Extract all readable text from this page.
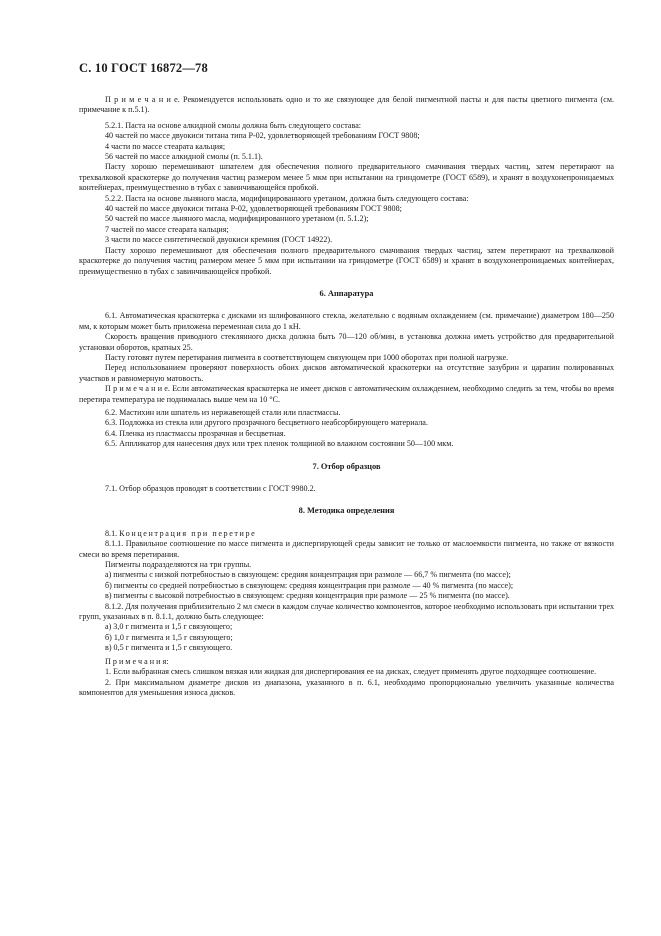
С. 10 ГОСТ 16872—78

П р и м е ч а н и е. Рекомендуется использовать одно и то же связующее для белой пигментной пасты и для пасты цветного пигмента (см. примечание к п.5.1).

5.2.1. Паста на основе алкидной смолы должна быть следующего состава:

40 частей по массе двуокиси титана типа Р-02, удовлетворяющей требованиям ГОСТ 9808;

4 части по массе стеарата кальция;

56 частей по массе алкидной смолы (п. 5.1.1).

Пасту хорошо перемешивают шпателем для обеспечения полного предварительного смачивания твердых частиц, затем перетирают на трехвалковой краскотерке до получения частиц размером менее 5 мкм при испытании на гриндометре (ГОСТ 6589), и хранят в воздухонепроницаемых контейнерах, преимущественно в тубах с завинчивающейся пробкой.

5.2.2. Паста на основе льняного масла, модифицированного уретаном, должна быть следующего состава:

40 частей по массе двуокиси титана Р-02, удовлетворяющей требованиям ГОСТ 9808;

50 частей по массе льняного масла, модифицированного уретаном (п. 5.1.2);

7 частей по массе стеарата кальция;

3 части по массе синтетической двуокиси кремния (ГОСТ 14922).

Пасту хорошо перемешивают для обеспечения полного предварительного смачивания твердых частиц, затем перетирают на трехвалковой краскотерке до получения частиц размером менее 5 мкм при испытании на гриндометре (ГОСТ 6589) и хранят в воздухонепроницаемых контейнерах, преимущественно в тубах с завинчивающейся пробкой.

6. Аппаратура

6.1. Автоматическая краскотерка с дисками из шлифованного стекла, желательно с водяным охлаждением (см. примечание) диаметром 180—250 мм, к которым может быть приложена переменная сила до 1 кН.

Скорость вращения приводного стеклянного диска должна быть 70—120 об/мин, в установка должна иметь устройство для предварительной установки оборотов, кратных 25.

Пасту готовят путем перетирания пигмента в соответствующем связующем при 1000 оборотах при полной нагрузке.

Перед использованием проверяют поверхность обоих дисков автоматической краскотерки на отсутствие зазубрин и царапин полированных участков и равномерную матовость.

П р и м е ч а н и е. Если автоматическая краскотерка не имеет дисков с автоматическим охлаждением, необходимо следить за тем, чтобы во время перетира температура не поднималась выше чем на 10 °С.

6.2. Мастихин или шпатель из нержавеющей стали или пластмассы.

6.3. Подложка из стекла или другого прозрачного бесцветного неабсорбирующего материала.

6.4. Пленка из пластмассы прозрачная и бесцветная.

6.5. Аппликатор для нанесения двух или трех пленок толщиной во влажном состоянии 50—100 мкм.

7. Отбор образцов

7.1. Отбор образцов проводят в соответствии с ГОСТ 9980.2.

8. Методика определения

8.1. Концентрация при перетире

8.1.1. Правильное соотношение по массе пигмента и диспергирующей среды зависит не только от маслоемкости пигмента, но также от вязкости смеси во время перетирания.

Пигменты подразделяются на три группы.

а) пигменты с низкой потребностью в связующем: средняя концентрация при размоле — 66,7 % пигмента (по массе);

б) пигменты со средней потребностью в связующем: средняя концентрация при размоле — 40 % пигмента (по массе);

в) пигменты с высокой потребностью в связующем: средняя концентрация при размоле — 25 % пигмента (по массе).

8.1.2. Для получения приблизительно 2 мл смеси в каждом случае количество компонентов, которое необходимо использовать при испытании трех групп, указанных в п. 8.1.1, должно быть следующее:

а) 3,0 г пигмента и 1,5 г связующего;

б) 1,0 г пигмента и 1,5 г связующего;

в) 0,5 г пигмента и 1,5 г связующего.

П р и м е ч а н и я:

1. Если выбранная смесь слишком вязкая или жидкая для диспергирования ее на дисках, следует применять другое подходящее соотношение.

2. При максимальном диаметре дисков из диапазона, указанного в п. 6.1, необходимо пропорционально увеличить указанные количества компонентов для уменьшения износа дисков.
